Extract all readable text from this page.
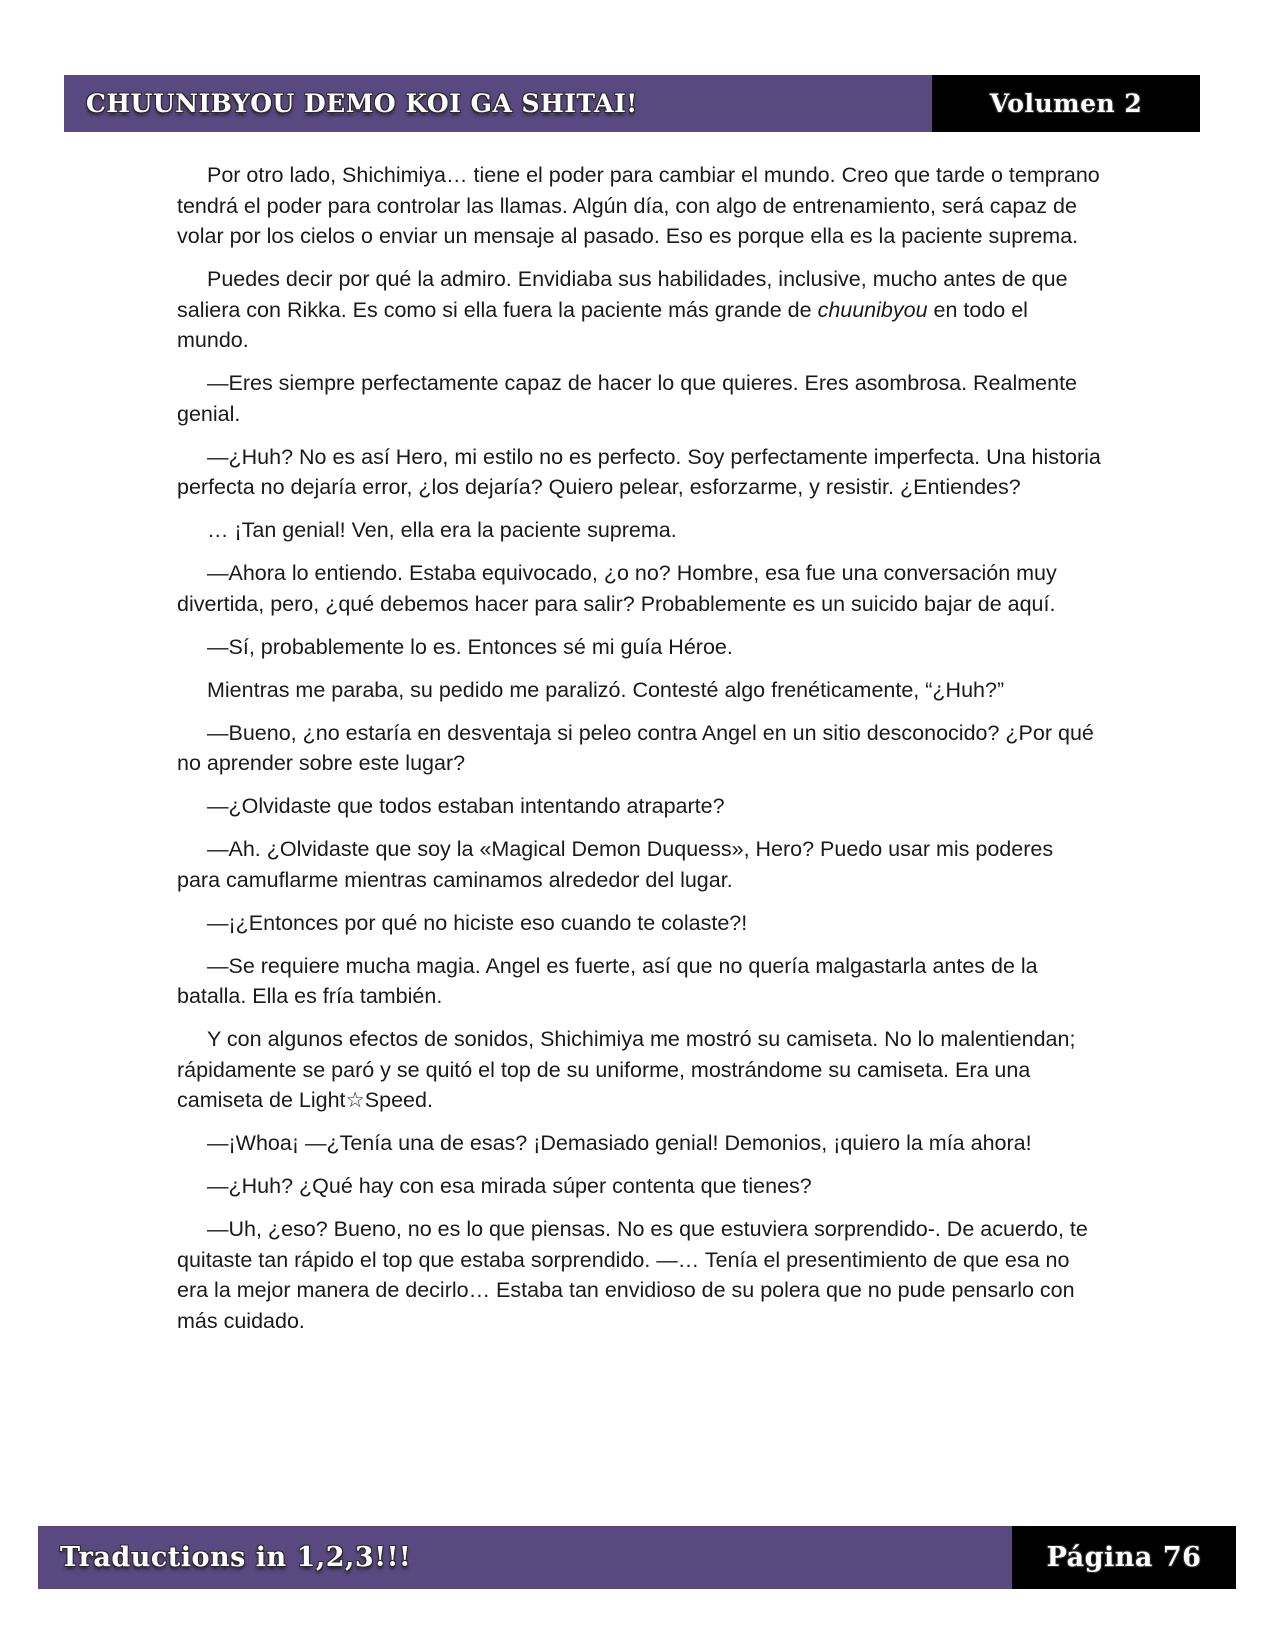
CHUUNIBYOU DEMO KOI GA SHITAI!	Volumen 2

Por otro lado, Shichimiya… tiene el poder para cambiar el mundo. Creo que tarde o temprano tendrá el poder para controlar las llamas. Algún día, con algo de entrenamiento, será capaz de volar por los cielos o enviar un mensaje al pasado. Eso es porque ella es la paciente suprema.

Puedes decir por qué la admiro. Envidiaba sus habilidades, inclusive, mucho antes de que saliera con Rikka. Es como si ella fuera la paciente más grande de chuunibyou en todo el mundo.

—Eres siempre perfectamente capaz de hacer lo que quieres. Eres asombrosa. Realmente genial.

—¿Huh? No es así Hero, mi estilo no es perfecto. Soy perfectamente imperfecta. Una historia perfecta no dejaría error, ¿los dejaría? Quiero pelear, esforzarme, y resistir. ¿Entiendes?

… ¡Tan genial! Ven, ella era la paciente suprema.

—Ahora lo entiendo. Estaba equivocado, ¿o no? Hombre, esa fue una conversación muy divertida, pero, ¿qué debemos hacer para salir? Probablemente es un suicido bajar de aquí.

—Sí, probablemente lo es. Entonces sé mi guía Héroe.

Mientras me paraba, su pedido me paralizó. Contesté algo frenéticamente, “¿Huh?”

—Bueno, ¿no estaría en desventaja si peleo contra Angel en un sitio desconocido? ¿Por qué no aprender sobre este lugar?

—¿Olvidaste que todos estaban intentando atraparte?

—Ah. ¿Olvidaste que soy la «Magical Demon Duquess», Hero? Puedo usar mis poderes para camuflarme mientras caminamos alrededor del lugar.

—¡¿Entonces por qué no hiciste eso cuando te colaste?!

—Se requiere mucha magia. Angel es fuerte, así que no quería malgastarla antes de la batalla. Ella es fría también.

Y con algunos efectos de sonidos, Shichimiya me mostró su camiseta. No lo malentiendan; rápidamente se paró y se quitó el top de su uniforme, mostrándome su camiseta. Era una camiseta de Light☆Speed.

—¡Whoa¡ —¿Tenía una de esas? ¡Demasiado genial! Demonios, ¡quiero la mía ahora!

—¿Huh? ¿Qué hay con esa mirada súper contenta que tienes?

—Uh, ¿eso? Bueno, no es lo que piensas. No es que estuviera sorprendido-. De acuerdo, te quitaste tan rápido el top que estaba sorprendido. —… Tenía el presentimiento de que esa no era la mejor manera de decirlo… Estaba tan envidioso de su polera que no pude pensarlo con más cuidado.

Traductions in 1,2,3!!!	Página 76
